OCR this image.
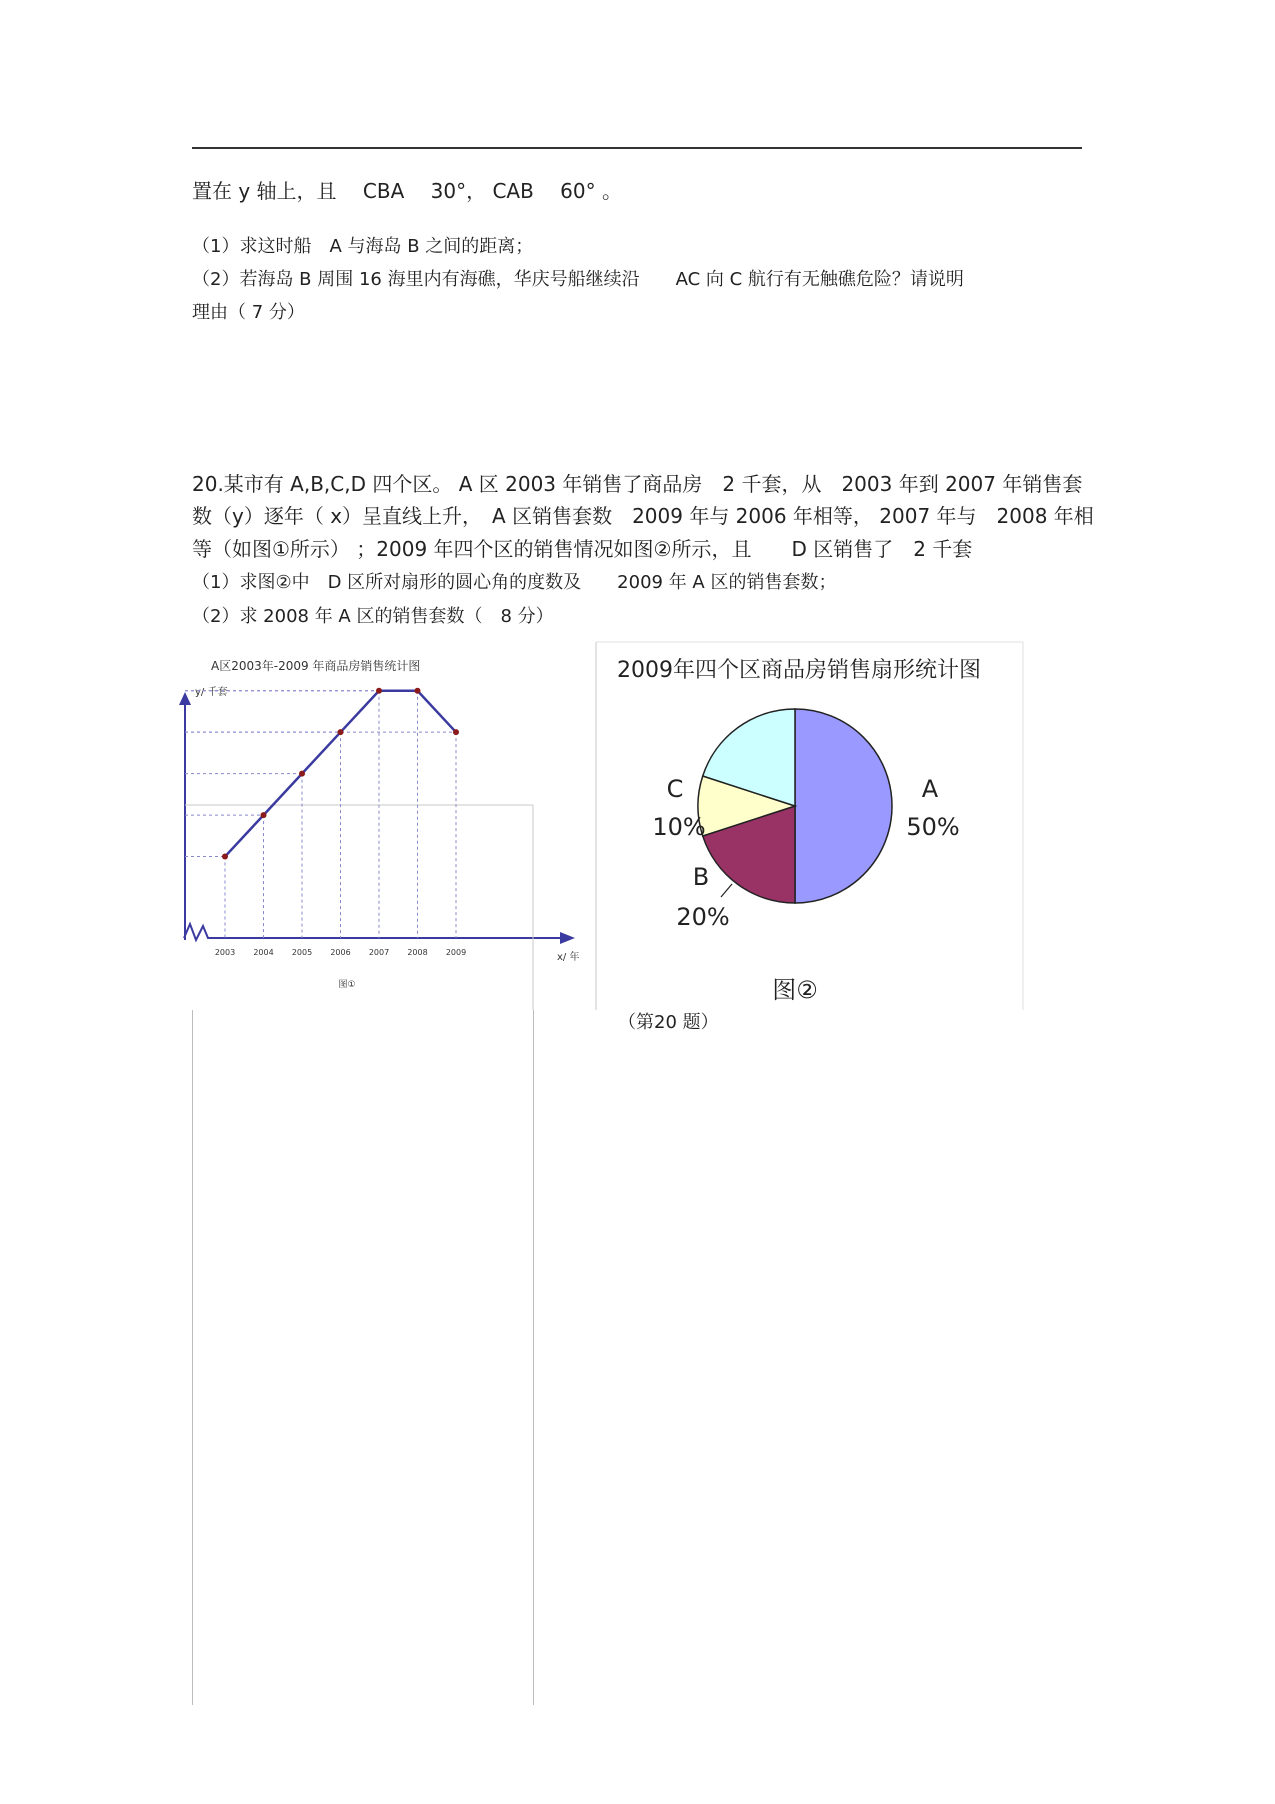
置在 y 轴上，且　 CBA　 30°， CAB　 60° 。
（1）求这时船　A 与海岛 B 之间的距离；
（2）若海岛 B 周围 16 海里内有海礁，华庆号船继续沿　　AC 向 C 航行有无触礁危险？请说明
理由（ 7 分）
20.某市有 A,B,C,D 四个区。 A 区 2003 年销售了商品房　2 千套，从　2003 年到 2007 年销售套
数（y）逐年（ x）呈直线上升，　A 区销售套数　2009 年与 2006 年相等， 2007 年与　2008 年相
等（如图①所示） ；2009 年四个区的销售情况如图②所示，且　　D 区销售了　2 千套
（1）求图②中　D 区所对扇形的圆心角的度数及　　2009 年 A 区的销售套数；
（2）求 2008 年 A 区的销售套数（　8 分）
A区2003年-2009 年商品房销售统计图
y/ 千套
x/ 年
2003 2004 2005 2006 2007 2008 2009
图①
2009年四个区商品房销售扇形统计图
A
50%
C
10%
B
20%
图②
（第20 题）
